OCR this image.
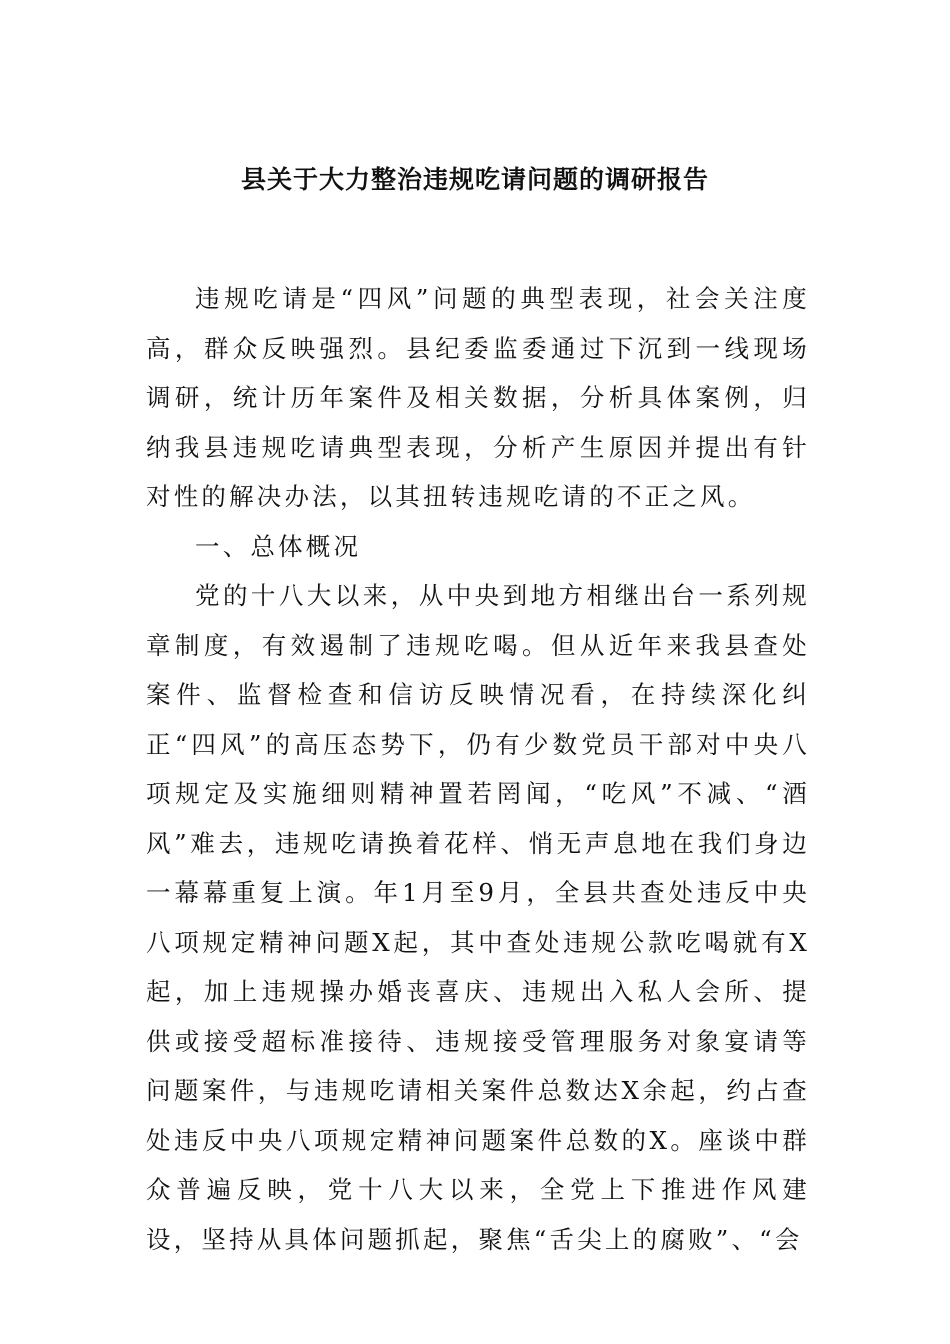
县关于大力整治违规吃请问题的调研报告

违规吃请是“四风”问题的典型表现，社会关注度高，群众反映强烈。县纪委监委通过下沉到一线现场调研，统计历年案件及相关数据，分析具体案例，归纳我县违规吃请典型表现，分析产生原因并提出有针对性的解决办法，以其扭转违规吃请的不正之风。

一、总体概况

党的十八大以来，从中央到地方相继出台一系列规章制度，有效遏制了违规吃喝。但从近年来我县查处案件、监督检查和信访反映情况看，在持续深化纠正“四风”的高压态势下，仍有少数党员干部对中央八项规定及实施细则精神置若罔闻，“吃风”不减、“酒风”难去，违规吃请换着花样、悄无声息地在我们身边一幕幕重复上演。年1月至9月，全县共查处违反中央八项规定精神问题X起，其中查处违规公款吃喝就有X起，加上违规操办婚丧喜庆、违规出入私人会所、提供或接受超标准接待、违规接受管理服务对象宴请等问题案件，与违规吃请相关案件总数达X余起，约占查处违反中央八项规定精神问题案件总数的X。座谈中群众普遍反映，党十八大以来，全党上下推进作风建设，坚持从具体问题抓起，聚焦“舌尖上的腐败”、“会
